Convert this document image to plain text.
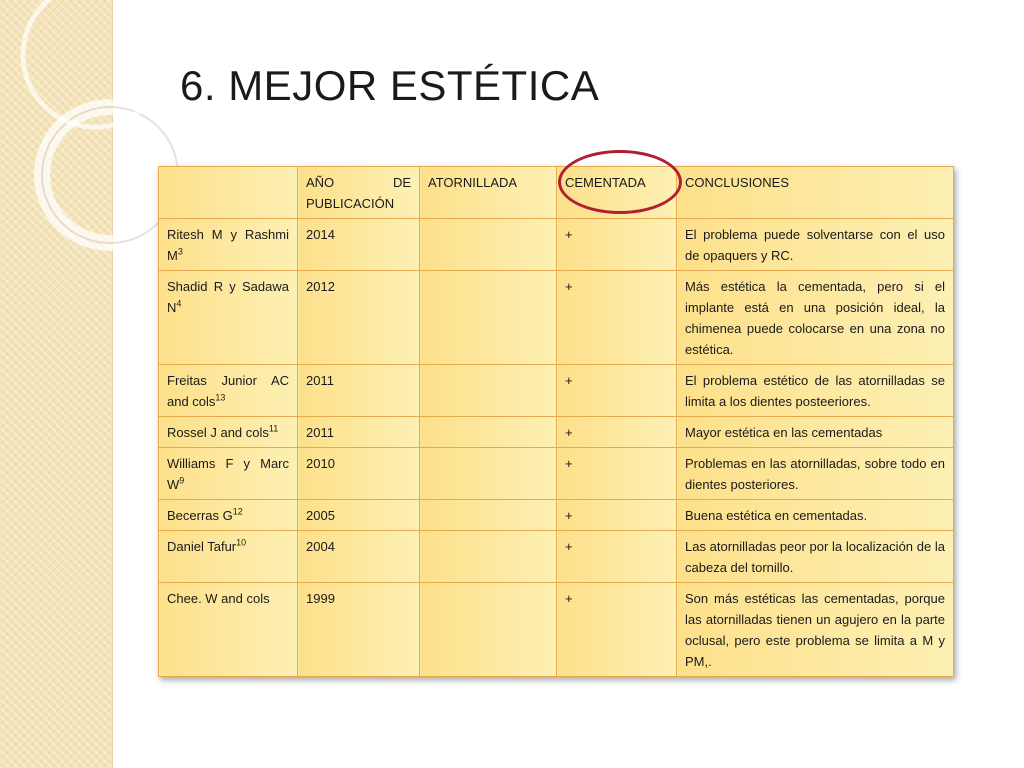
6. MEJOR ESTÉTICA
	AÑO DE PUBLICACIÓN	ATORNILLADA	CEMENTADA	CONCLUSIONES
Ritesh M y Rashmi $M^3$	2014		+	El problema puede solventarse con el uso de opaquers y RC.
Shadid R y Sadawa $N^4$	2012		+	Más estética la cementada, pero si el implante está en una posición ideal, la chimenea puede colocarse en una zona no estética.
Freitas Junior AC and cols$^{13}$	2011		+	El problema estético de las atornilladas se limita a los dientes posteeriores.
Rossel J and cols$^{11}$	2011		+	Mayor estética en las cementadas
Williams F y Marc $W^9$	2010		+	Problemas en las atornilladas, sobre todo en dientes posteriores.
Becerras $G^{12}$	2005		+	Buena estética en cementadas.
Daniel Tafur$^{10}$	2004		+	Las atornilladas peor por la localización de la cabeza del tornillo.
Chee. W and cols	1999		+	Son más estéticas las cementadas, porque las atornilladas tienen un agujero en la parte oclusal, pero este problema se limita a M y PM,.
